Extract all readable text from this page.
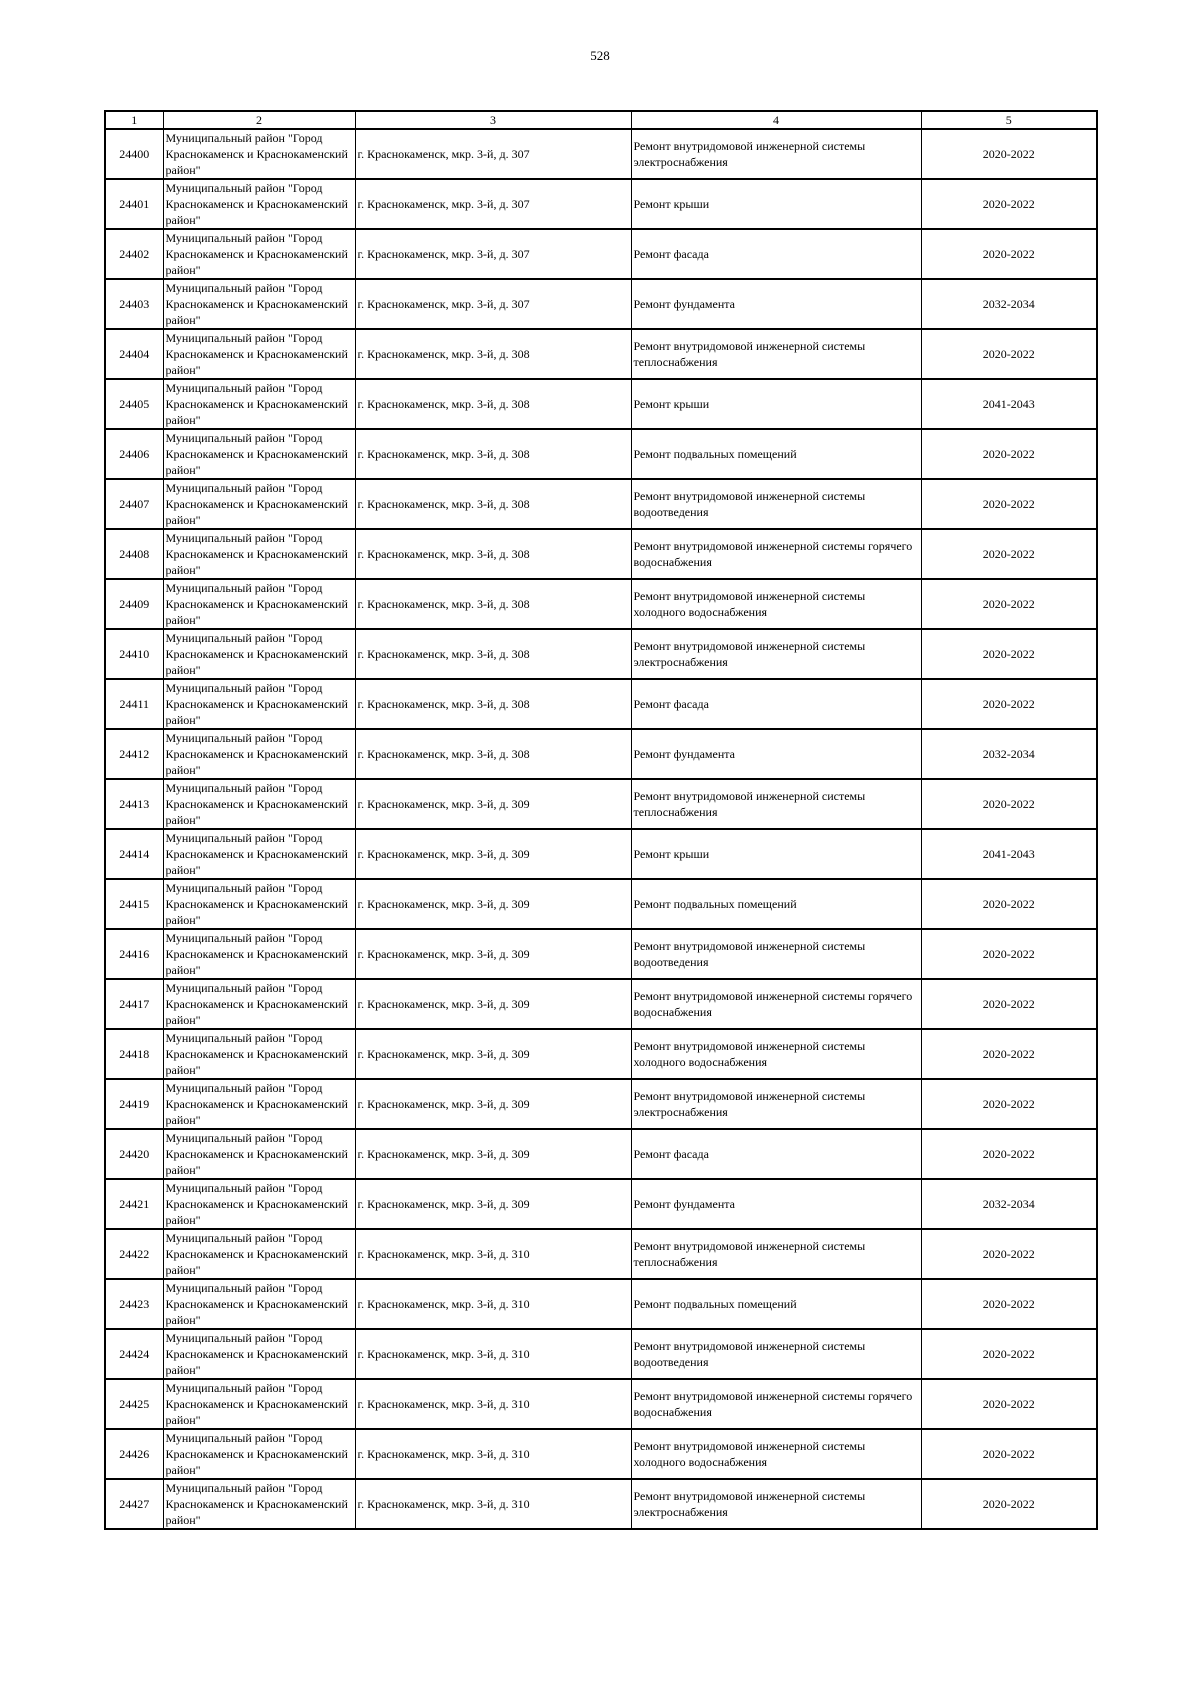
528
1	2	3	4	5
24400	Муниципальный район "Город Краснокаменск и Краснокаменский район"	г. Краснокаменск, мкр. 3-й, д. 307	Ремонт внутридомовой инженерной системы электроснабжения	2020-2022
24401	Муниципальный район "Город Краснокаменск и Краснокаменский район"	г. Краснокаменск, мкр. 3-й, д. 307	Ремонт крыши	2020-2022
24402	Муниципальный район "Город Краснокаменск и Краснокаменский район"	г. Краснокаменск, мкр. 3-й, д. 307	Ремонт фасада	2020-2022
24403	Муниципальный район "Город Краснокаменск и Краснокаменский район"	г. Краснокаменск, мкр. 3-й, д. 307	Ремонт фундамента	2032-2034
24404	Муниципальный район "Город Краснокаменск и Краснокаменский район"	г. Краснокаменск, мкр. 3-й, д. 308	Ремонт внутридомовой инженерной системы теплоснабжения	2020-2022
24405	Муниципальный район "Город Краснокаменск и Краснокаменский район"	г. Краснокаменск, мкр. 3-й, д. 308	Ремонт крыши	2041-2043
24406	Муниципальный район "Город Краснокаменск и Краснокаменский район"	г. Краснокаменск, мкр. 3-й, д. 308	Ремонт подвальных помещений	2020-2022
24407	Муниципальный район "Город Краснокаменск и Краснокаменский район"	г. Краснокаменск, мкр. 3-й, д. 308	Ремонт внутридомовой инженерной системы водоотведения	2020-2022
24408	Муниципальный район "Город Краснокаменск и Краснокаменский район"	г. Краснокаменск, мкр. 3-й, д. 308	Ремонт внутридомовой инженерной системы горячего водоснабжения	2020-2022
24409	Муниципальный район "Город Краснокаменск и Краснокаменский район"	г. Краснокаменск, мкр. 3-й, д. 308	Ремонт внутридомовой инженерной системы холодного водоснабжения	2020-2022
24410	Муниципальный район "Город Краснокаменск и Краснокаменский район"	г. Краснокаменск, мкр. 3-й, д. 308	Ремонт внутридомовой инженерной системы электроснабжения	2020-2022
24411	Муниципальный район "Город Краснокаменск и Краснокаменский район"	г. Краснокаменск, мкр. 3-й, д. 308	Ремонт фасада	2020-2022
24412	Муниципальный район "Город Краснокаменск и Краснокаменский район"	г. Краснокаменск, мкр. 3-й, д. 308	Ремонт фундамента	2032-2034
24413	Муниципальный район "Город Краснокаменск и Краснокаменский район"	г. Краснокаменск, мкр. 3-й, д. 309	Ремонт внутридомовой инженерной системы теплоснабжения	2020-2022
24414	Муниципальный район "Город Краснокаменск и Краснокаменский район"	г. Краснокаменск, мкр. 3-й, д. 309	Ремонт крыши	2041-2043
24415	Муниципальный район "Город Краснокаменск и Краснокаменский район"	г. Краснокаменск, мкр. 3-й, д. 309	Ремонт подвальных помещений	2020-2022
24416	Муниципальный район "Город Краснокаменск и Краснокаменский район"	г. Краснокаменск, мкр. 3-й, д. 309	Ремонт внутридомовой инженерной системы водоотведения	2020-2022
24417	Муниципальный район "Город Краснокаменск и Краснокаменский район"	г. Краснокаменск, мкр. 3-й, д. 309	Ремонт внутридомовой инженерной системы горячего водоснабжения	2020-2022
24418	Муниципальный район "Город Краснокаменск и Краснокаменский район"	г. Краснокаменск, мкр. 3-й, д. 309	Ремонт внутридомовой инженерной системы холодного водоснабжения	2020-2022
24419	Муниципальный район "Город Краснокаменск и Краснокаменский район"	г. Краснокаменск, мкр. 3-й, д. 309	Ремонт внутридомовой инженерной системы электроснабжения	2020-2022
24420	Муниципальный район "Город Краснокаменск и Краснокаменский район"	г. Краснокаменск, мкр. 3-й, д. 309	Ремонт фасада	2020-2022
24421	Муниципальный район "Город Краснокаменск и Краснокаменский район"	г. Краснокаменск, мкр. 3-й, д. 309	Ремонт фундамента	2032-2034
24422	Муниципальный район "Город Краснокаменск и Краснокаменский район"	г. Краснокаменск, мкр. 3-й, д. 310	Ремонт внутридомовой инженерной системы теплоснабжения	2020-2022
24423	Муниципальный район "Город Краснокаменск и Краснокаменский район"	г. Краснокаменск, мкр. 3-й, д. 310	Ремонт подвальных помещений	2020-2022
24424	Муниципальный район "Город Краснокаменск и Краснокаменский район"	г. Краснокаменск, мкр. 3-й, д. 310	Ремонт внутридомовой инженерной системы водоотведения	2020-2022
24425	Муниципальный район "Город Краснокаменск и Краснокаменский район"	г. Краснокаменск, мкр. 3-й, д. 310	Ремонт внутридомовой инженерной системы горячего водоснабжения	2020-2022
24426	Муниципальный район "Город Краснокаменск и Краснокаменский район"	г. Краснокаменск, мкр. 3-й, д. 310	Ремонт внутридомовой инженерной системы холодного водоснабжения	2020-2022
24427	Муниципальный район "Город Краснокаменск и Краснокаменский район"	г. Краснокаменск, мкр. 3-й, д. 310	Ремонт внутридомовой инженерной системы электроснабжения	2020-2022
